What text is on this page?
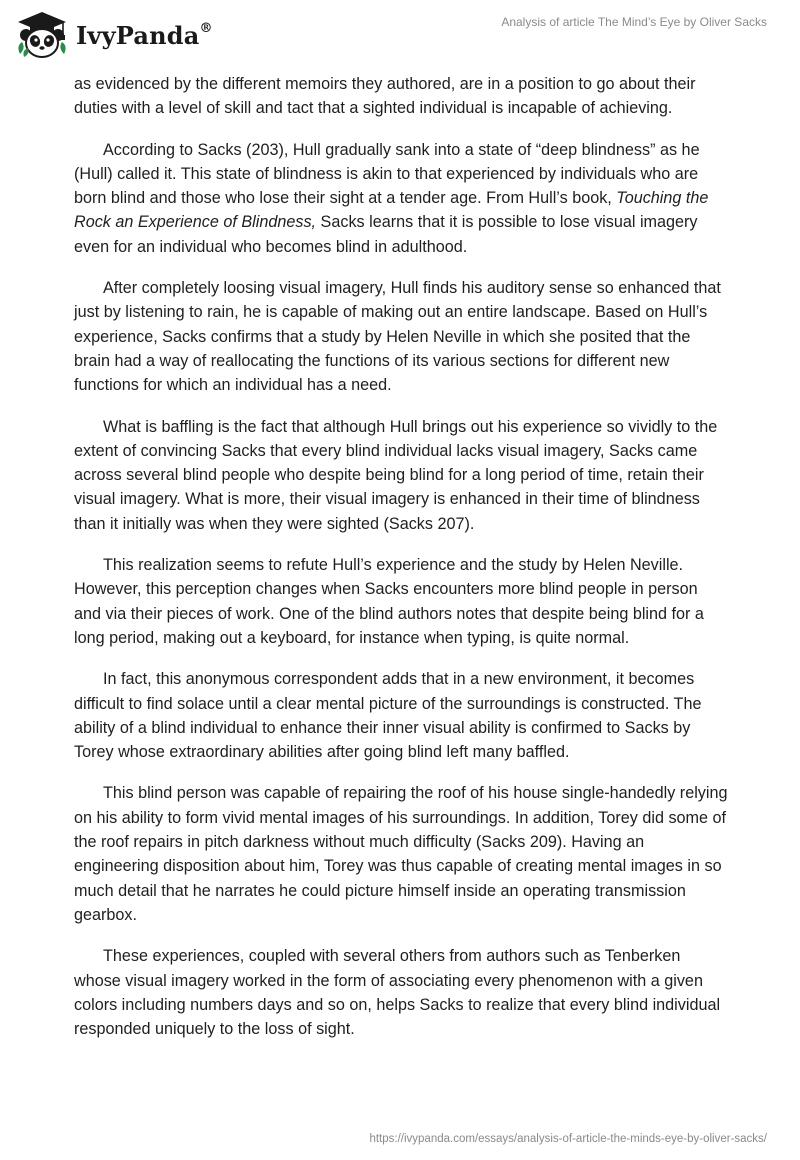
IvyPanda®	Analysis of article The Mind’s Eye by Oliver Sacks

as evidenced by the different memoirs they authored, are in a position to go about their duties with a level of skill and tact that a sighted individual is incapable of achieving.

According to Sacks (203), Hull gradually sank into a state of “deep blindness” as he (Hull) called it. This state of blindness is akin to that experienced by individuals who are born blind and those who lose their sight at a tender age. From Hull’s book, Touching the Rock an Experience of Blindness, Sacks learns that it is possible to lose visual imagery even for an individual who becomes blind in adulthood.

After completely loosing visual imagery, Hull finds his auditory sense so enhanced that just by listening to rain, he is capable of making out an entire landscape. Based on Hull’s experience, Sacks confirms that a study by Helen Neville in which she posited that the brain had a way of reallocating the functions of its various sections for different new functions for which an individual has a need.

What is baffling is the fact that although Hull brings out his experience so vividly to the extent of convincing Sacks that every blind individual lacks visual imagery, Sacks came across several blind people who despite being blind for a long period of time, retain their visual imagery. What is more, their visual imagery is enhanced in their time of blindness than it initially was when they were sighted (Sacks 207).

This realization seems to refute Hull’s experience and the study by Helen Neville. However, this perception changes when Sacks encounters more blind people in person and via their pieces of work. One of the blind authors notes that despite being blind for a long period, making out a keyboard, for instance when typing, is quite normal.

In fact, this anonymous correspondent adds that in a new environment, it becomes difficult to find solace until a clear mental picture of the surroundings is constructed. The ability of a blind individual to enhance their inner visual ability is confirmed to Sacks by Torey whose extraordinary abilities after going blind left many baffled.

This blind person was capable of repairing the roof of his house single-handedly relying on his ability to form vivid mental images of his surroundings. In addition, Torey did some of the roof repairs in pitch darkness without much difficulty (Sacks 209). Having an engineering disposition about him, Torey was thus capable of creating mental images in so much detail that he narrates he could picture himself inside an operating transmission gearbox.

These experiences, coupled with several others from authors such as Tenberken whose visual imagery worked in the form of associating every phenomenon with a given colors including numbers days and so on, helps Sacks to realize that every blind individual responded uniquely to the loss of sight.

https://ivypanda.com/essays/analysis-of-article-the-minds-eye-by-oliver-sacks/
